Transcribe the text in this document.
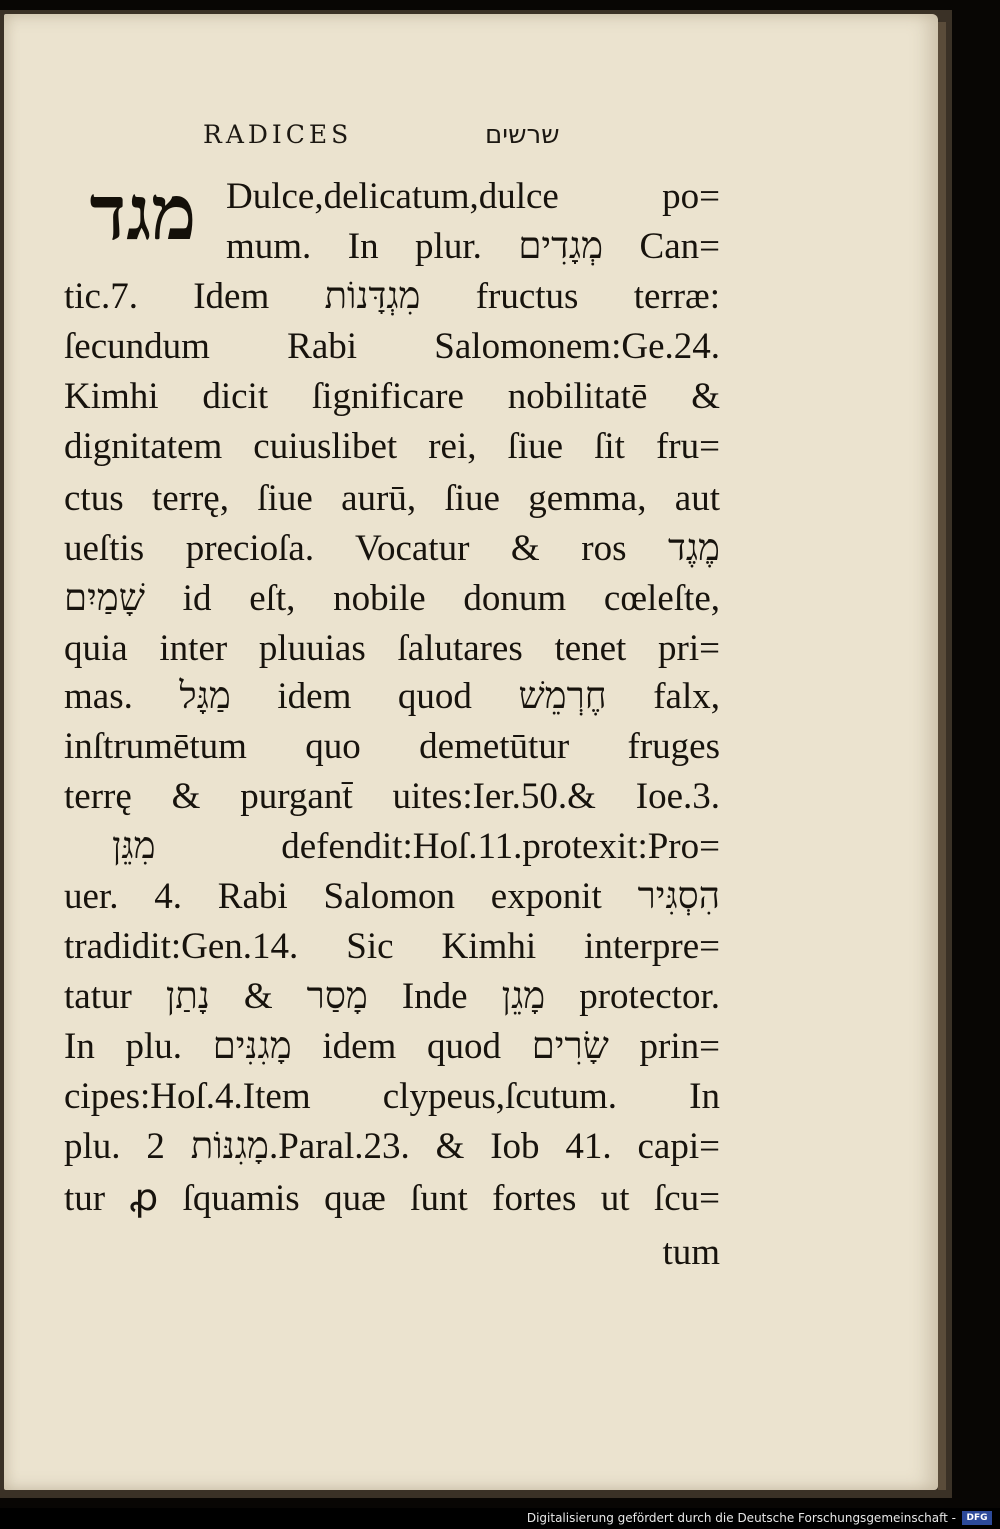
RADICES	שרשים
מגד Dulce,delicatum,dulce po=
mum. In plur. מְגָדִים Can=
tic.7. Idem מִגְדָּנוֹת fructus terræ:
ſecundum Rabi Salomonem:Ge.24.
Kimhi dicit ſignificare nobilitatē &
dignitatem cuiuslibet rei, ſiue ſit fru=
ctus terrę, ſiue aurū, ſiue gemma, aut
ueſtis precioſa. Vocatur & ros מֶגֶד
שָׁמַיִם id eſt, nobile donum cœleſte,
quia inter pluuias ſalutares tenet pri=
mas. מַגָּל idem quod חֶרְמֵשׁ falx,
inſtrumētum quo demetūtur fruges
terrę & purgant̄ uites:Ier.50.& Ioe.3.
מִגֵּן defendit:Hoſ.11.protexit:Pro=
uer. 4. Rabi Salomon exponit הִסְגִּיר
tradidit:Gen.14. Sic Kimhi interpre=
tatur מָסַר & נָתַן Inde מָגֵן protector.
In plu. מָגִנִּים idem quod שָׂרִים prin=
cipes:Hoſ.4.Item clypeus,ſcutum. In
plu. מָגִנּוֹת 2.Paral.23. & Iob 41. capi=
tur ꝓ ſquamis quæ ſunt fortes ut ſcu=
tum
Digitalisierung gefördert durch die Deutsche Forschungsgemeinschaft -	DFG
